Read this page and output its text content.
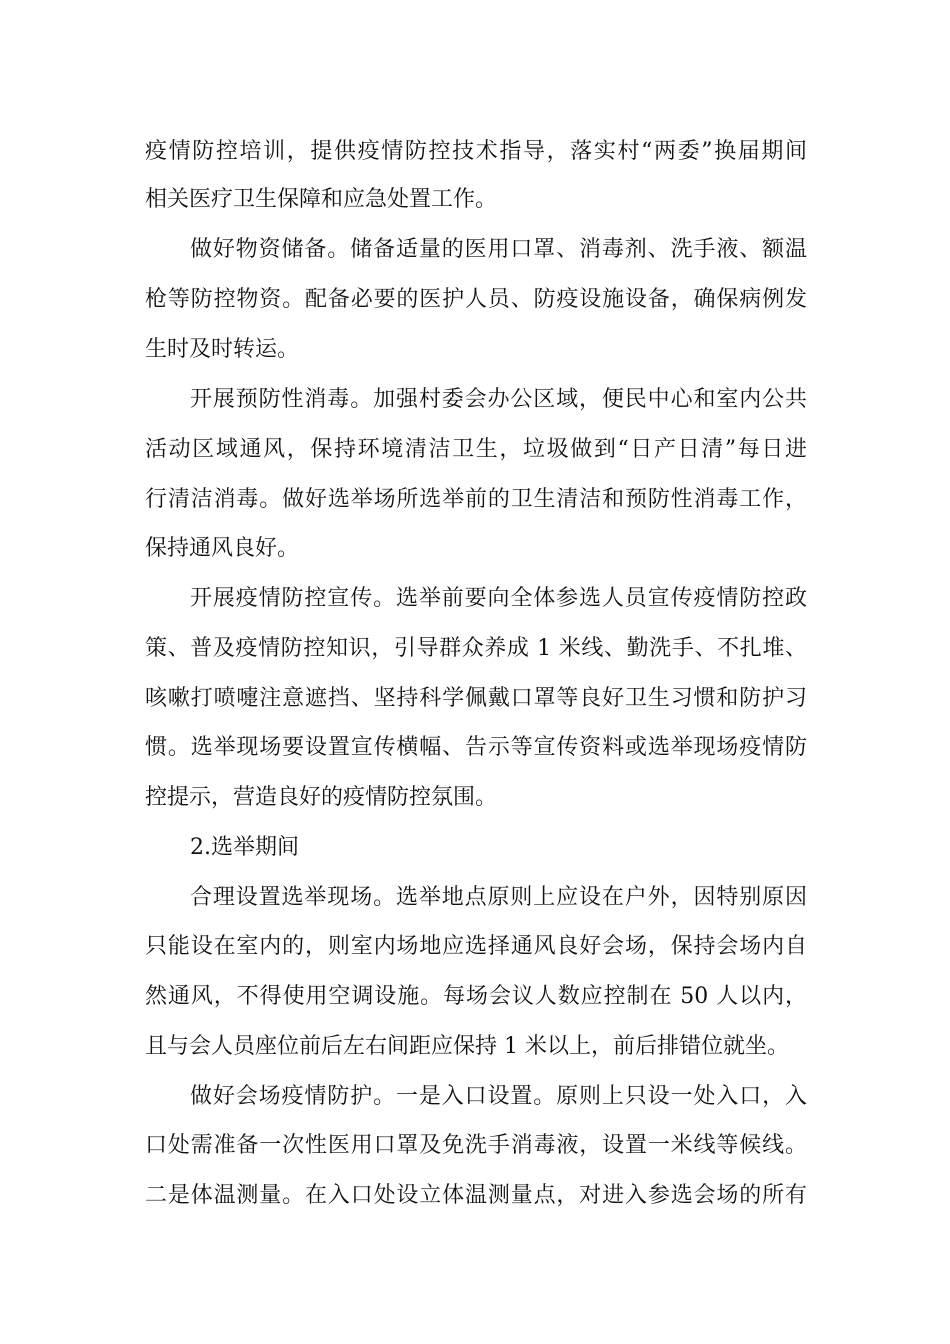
疫情防控培训，提供疫情防控技术指导，落实村“两委”换届期间
相关医疗卫生保障和应急处置工作。
做好物资储备。储备适量的医用口罩、消毒剂、洗手液、额温
枪等防控物资。配备必要的医护人员、防疫设施设备，确保病例发
生时及时转运。
开展预防性消毒。加强村委会办公区域，便民中心和室内公共
活动区域通风，保持环境清洁卫生，垃圾做到“日产日清”每日进
行清洁消毒。做好选举场所选举前的卫生清洁和预防性消毒工作，
保持通风良好。
开展疫情防控宣传。选举前要向全体参选人员宣传疫情防控政
策、普及疫情防控知识，引导群众养成 1 米线、勤洗手、不扎堆、
咳嗽打喷嚏注意遮挡、坚持科学佩戴口罩等良好卫生习惯和防护习
惯。选举现场要设置宣传横幅、告示等宣传资料或选举现场疫情防
控提示，营造良好的疫情防控氛围。
2.选举期间
合理设置选举现场。选举地点原则上应设在户外，因特别原因
只能设在室内的，则室内场地应选择通风良好会场，保持会场内自
然通风，不得使用空调设施。每场会议人数应控制在 50 人以内，
且与会人员座位前后左右间距应保持 1 米以上，前后排错位就坐。
做好会场疫情防护。一是入口设置。原则上只设一处入口，入
口处需准备一次性医用口罩及免洗手消毒液，设置一米线等候线。
二是体温测量。在入口处设立体温测量点，对进入参选会场的所有
